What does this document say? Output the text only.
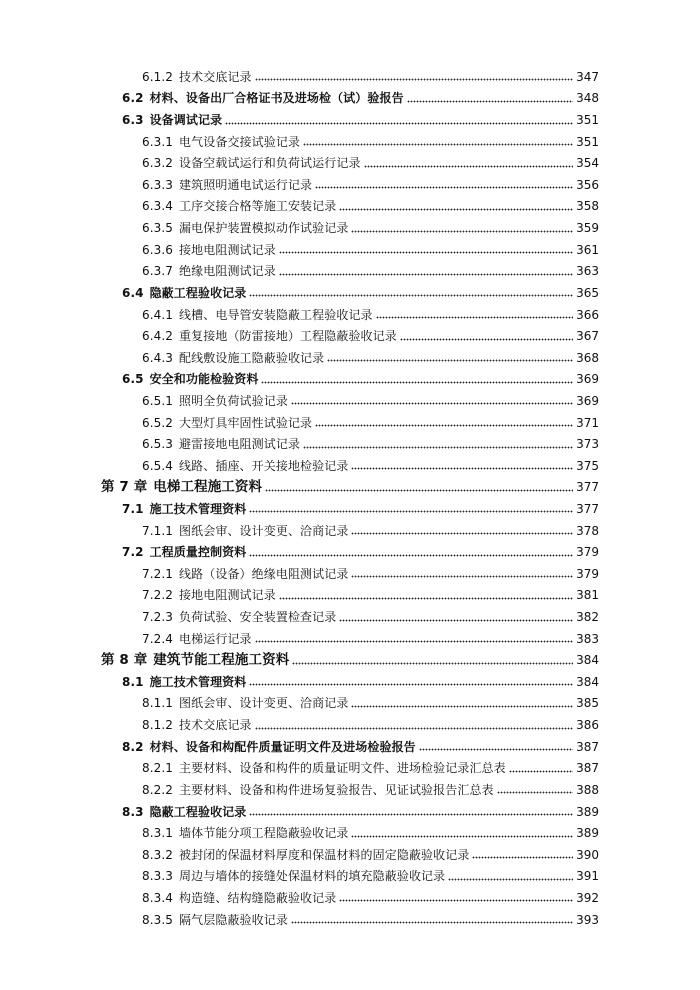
6.1.2 技术交底记录	347
6.2 材料、设备出厂合格证书及进场检（试）验报告	348
6.3 设备调试记录	351
6.3.1 电气设备交接试验记录	351
6.3.2 设备空载试运行和负荷试运行记录	354
6.3.3 建筑照明通电试运行记录	356
6.3.4 工序交接合格等施工安装记录	358
6.3.5 漏电保护装置模拟动作试验记录	359
6.3.6 接地电阻测试记录	361
6.3.7 绝缘电阻测试记录	363
6.4 隐蔽工程验收记录	365
6.4.1 线槽、电导管安装隐蔽工程验收记录	366
6.4.2 重复接地（防雷接地）工程隐蔽验收记录	367
6.4.3 配线敷设施工隐蔽验收记录	368
6.5 安全和功能检验资料	369
6.5.1 照明全负荷试验记录	369
6.5.2 大型灯具牢固性试验记录	371
6.5.3 避雷接地电阻测试记录	373
6.5.4 线路、插座、开关接地检验记录	375
第 7 章 电梯工程施工资料	377
7.1 施工技术管理资料	377
7.1.1 图纸会审、设计变更、洽商记录	378
7.2 工程质量控制资料	379
7.2.1 线路（设备）绝缘电阻测试记录	379
7.2.2 接地电阻测试记录	381
7.2.3 负荷试验、安全装置检查记录	382
7.2.4 电梯运行记录	383
第 8 章 建筑节能工程施工资料	384
8.1 施工技术管理资料	384
8.1.1 图纸会审、设计变更、洽商记录	385
8.1.2 技术交底记录	386
8.2 材料、设备和构配件质量证明文件及进场检验报告	387
8.2.1 主要材料、设备和构件的质量证明文件、进场检验记录汇总表	387
8.2.2 主要材料、设备和构件进场复验报告、见证试验报告汇总表	388
8.3 隐蔽工程验收记录	389
8.3.1 墙体节能分项工程隐蔽验收记录	389
8.3.2 被封闭的保温材料厚度和保温材料的固定隐蔽验收记录	390
8.3.3 周边与墙体的接缝处保温材料的填充隐蔽验收记录	391
8.3.4 构造缝、结构缝隐蔽验收记录	392
8.3.5 隔气层隐蔽验收记录	393
